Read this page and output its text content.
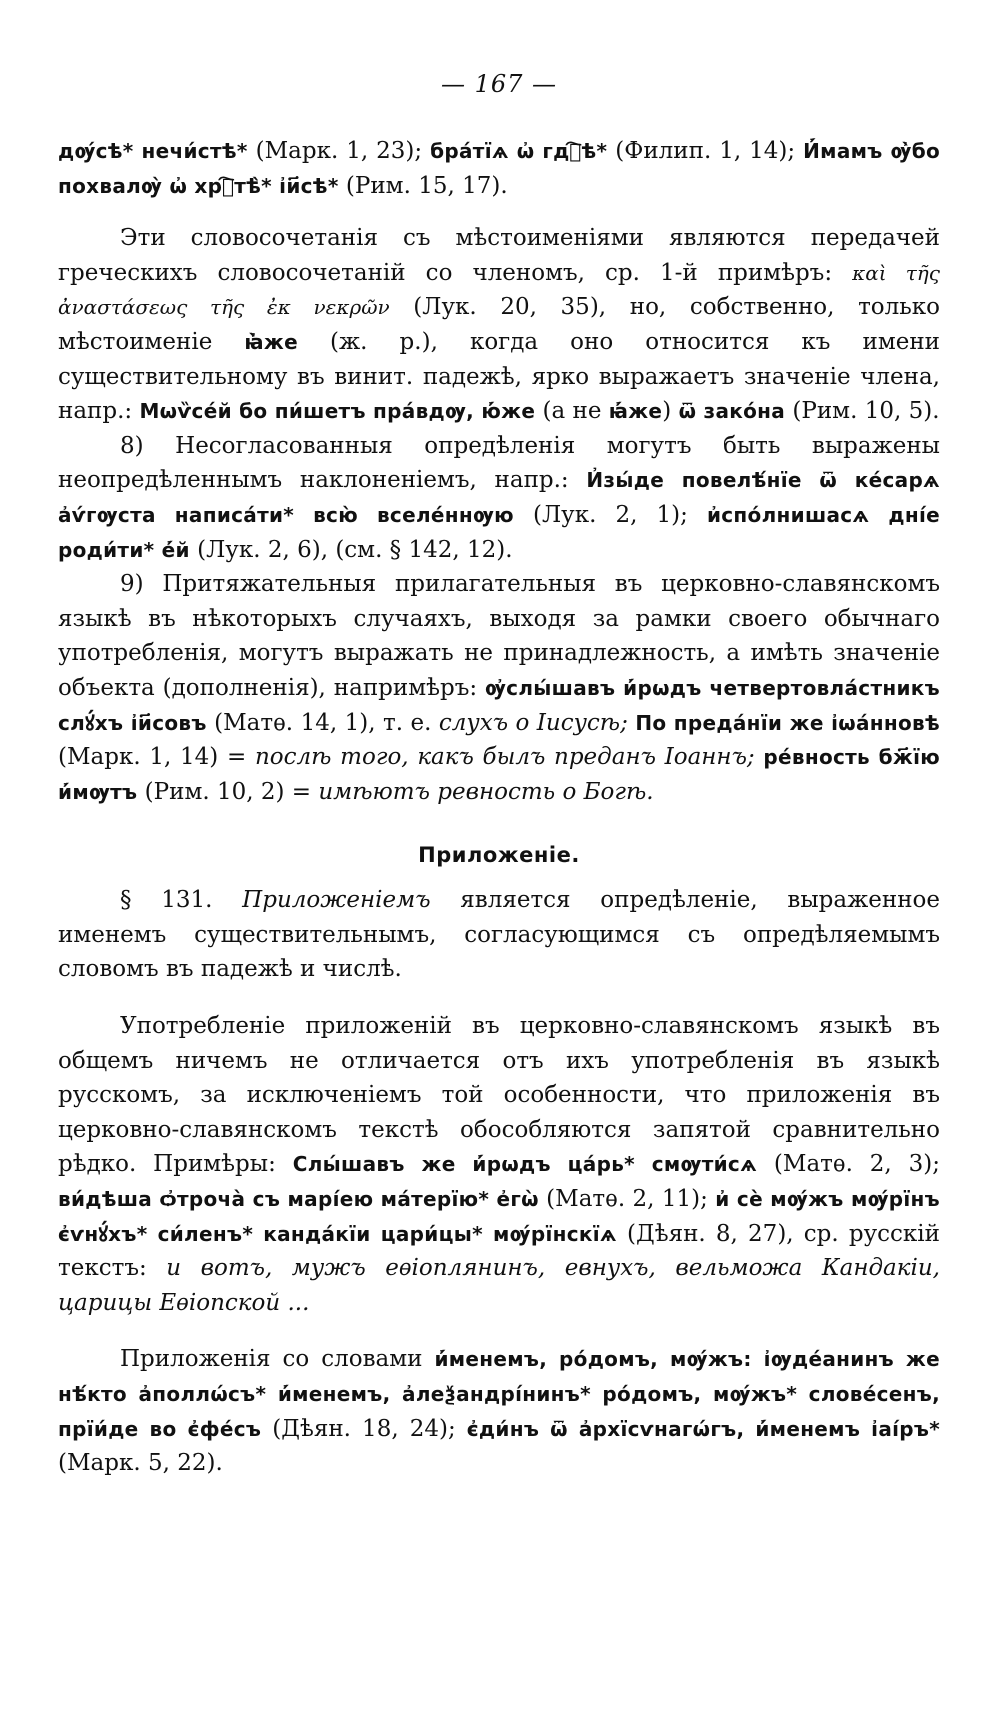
— 167 —

дѹ́сѣ* нечи́стѣ* (Марк. 1, 23); бра́тїѧ ѡ҆ гдⷭ҇ѣ* (Филип. 1, 14); И҆́мамъ ѹ҆̀бо похвалѹ̀ ѡ҆ хрⷭ҇тѣ̀* і҆и҃сѣ* (Рим. 15, 17).

Эти словосочетанія съ мѣстоименіями являются передачей греческихъ словосочетаній со членомъ, ср. 1-й примѣръ: καὶ τῆς ἀναστάσεως τῆς ἐκ νεκρῶν (Лук. 20, 35), но, собственно, только мѣстоименіе ꙗ҆̀же (ж. р.), когда оно относится къ имени существительному въ винит. падежѣ, ярко выражаетъ значеніе члена, напр.: Мѡѷсе́й бо пи́шетъ пра́вдѹ, ю҆́же (а не ꙗ҆́же) ѿ зако́на (Рим. 10, 5).

8) Несогласованныя опредѣленія могутъ быть выражены неопредѣленнымъ наклоненіемъ, напр.: И҆зы́де повелѣ́нїе ѿ ке́сарѧ а҆ѵ́гѹста написа́ти* всю̀ вселе́ннѹю (Лук. 2, 1); и҆спо́лнишасѧ дні́е роди́ти* е҆́й (Лук. 2, 6), (см. § 142, 12).

9) Притяжательныя прилагательныя въ церковно-славянскомъ языкѣ въ нѣкоторыхъ случаяхъ, выходя за рамки своего обычнаго употребленія, могутъ выражать не принадлежность, а имѣть значеніе объекта (дополненія), напримѣръ: ѹ҆слы́шавъ и҆́рѡдъ четвертовла́стникъ слꙋ́хъ і҆и҃совъ (Матѳ. 14, 1), т. е. слухъ о Іисусѣ; По преда́нїи же і҆ѡа́нновѣ (Марк. 1, 14) = послѣ того, какъ былъ преданъ Іоаннъ; ре́вность бж҃їю и҆́мѹтъ (Рим. 10, 2) = имѣютъ ревность о Богѣ.

Приложеніе.

§ 131. Приложеніемъ является опредѣленіе, выраженное именемъ существительнымъ, согласующимся съ опредѣляемымъ словомъ въ падежѣ и числѣ.

Употребленіе приложеній въ церковно-славянскомъ языкѣ въ общемъ ничемъ не отличается отъ ихъ употребленія въ языкѣ русскомъ, за исключеніемъ той особенности, что приложенія въ церковно-славянскомъ текстѣ обособляются запятой сравнительно рѣдко. Примѣры: Слы́шавъ же и҆́рѡдъ ца́рь* смѹти́сѧ (Матѳ. 2, 3); ви́дѣша ѻ҆трочà съ марі́ею ма́терїю* е҆гѡ̀ (Матѳ. 2, 11); и҆ сѐ мѹ́жъ мѹ́рїнъ є҆ѵнꙋ́хъ* си́ленъ* канда́кїи цари́цы* мѹ́рїнскїѧ (Дѣян. 8, 27), ср. русскій текстъ: и вотъ, мужъ еѳіоплянинъ, евнухъ, вельможа Кандакіи, царицы Еѳіопской ...

Приложенія со словами и҆́менемъ, ро́домъ, мѹ́жъ: і҆ѹде́анинъ же нѣ́кто а҆поллѡ́съ* и҆́менемъ, а҆леѯандрі́нинъ* ро́домъ, мѹ́жъ* слове́сенъ, прїи́де во є҆фе́съ (Дѣян. 18, 24); є҆ди́нъ ѿ а҆рхїсѵнагѡ́гъ, и҆́менемъ і҆аі́ръ* (Марк. 5, 22).
